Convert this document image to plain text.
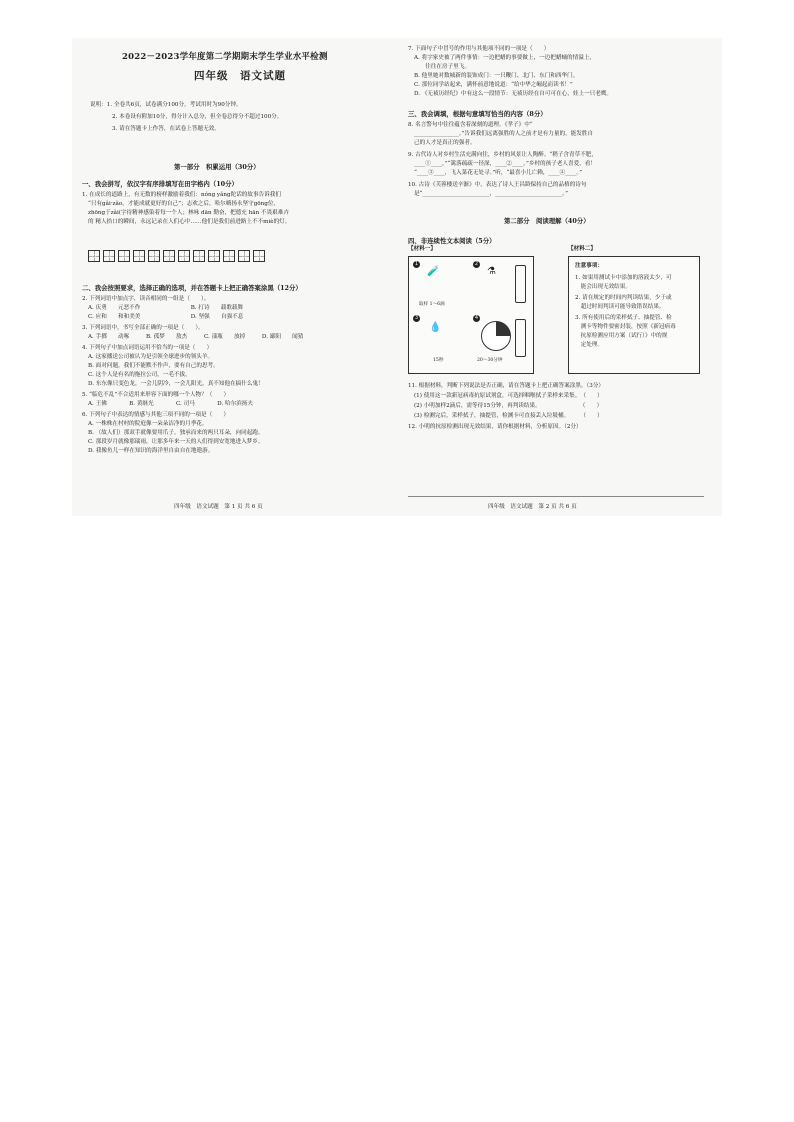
2022－2023学年度第二学期期末学生学业水平检测
四年级　语文试题
说明：1. 全卷共6页，试卷满分100分，考试用时为90分钟。
2. 本卷设有附加10分，得分计入总分，但全卷总得分不超过100分。
3. 请在答题卡上作答，在试卷上答题无效。
第一部分　积累运用（30分）
一、我会拼写，依汉字有序排填写在田字格内（10分）
1. 在成长的道路上，有无数的榜样激励着我们：nóng yǎng陀话的故事告诉我们
“只有gǎi·zǎo，才能成就更好的自己”；志欢之后，哈尔嗨扬永坚守gōng位，
zhōng于zǎi(字待精神感染着每一个人；林咏 dān 勤奋，把德充 hān 不畏艰难卉
的 精人拾口的瞬间，永远记录在人们心中……他们是我们前进路上不不miè的灯。
二、我会按照要求，选择正确的选项，并在答题卡上把正确答案涂黑（12分）
2. 下列词语中加点字，读音相同的一组是（　　）。
A. 庆勇　　元恶不作　　　　　　　　　B. 打诗　　载歌载舞
C. 应和　　和和美美　　　　　　　　　D. 坚强　　自强不息
3. 下列词语中，书写全部正确的一项是（　　）。
A. 手掷　　动啄　　　B. 孤梦　　敖杰　　　C. 漾瓶　　放掉　　　D. 鄙阳　　闻猜
4. 下列句子中加点词语运用不恰当的一项是（　　）
A. 这家播送公司被认为是引领全球进步的领头羊。
B. 面对问题，我们不能默不作声，要有自己的思考。
C. 这个人是有名的拖拉公司，一毛不拔。
D. 东东像只变色龙，一会儿阴冷，一会儿阳光，真不知他在搞什么鬼！
5. “临危不乱”不合适用来形容下面的哪一个人物？（　　）
A. 王佛　　　　B. 黄继光　　　　C. 司马　　　　D. 哈尔滨扬夫
6. 下列句子中表达的情感与其他三项不同的一项是（　　）
A. 一株株在村村的院庭像一朵朵洁净的月季花。
B. （故人们）那双手就像要用爪子，独承而来的两只耳朵，向同起跑。
C. 那段岁月就像那瑞雨，让那多年来一天的人们得到安宽地进入梦乡。
D. 我像鱼儿一样在知识的海洋里自由自在地遨游。
四年级　语文试题　第 1 页 共 6 页
7. 下面句子中冒号的作用与其他项不同的一项是（　　）
A. 将字家史被了两件事情：一边把蜡的事要做上，一边把蜡蛹的情溢上，
　　往往在房子里飞。
B. 他里她对数城新的装饰成门：一只鞭门、北门、东门和西华门。
C. 那位同学站起来，满怀前意地说道：“给中华之崛起而读书！”
D. 《无祯历经纪》中有这么一段情节：无祯历经在自可可在心，娃上一只老鹰。
三、我会调填，根据句意填写恰当的内容（8分）
8. 名言警句中往往蕴含着深刻的道理。《孝子》中“
________________。”告诉我们远离强胜的人之前才是有力量的，能发胜自
己的人才是真正的强者。
9. 古代诗人对乡村生活充满向往，乡村的风景让人陶醉。“稍子含青草不肥，
____①____，”“篱落疏疏一径深，____②____。”乡村的孩子老人喜爱，看！
“____③____，飞入菜花无处寻。”听，“最喜小儿亡赖，____④____。”
10. 古诗《芙蓉楼送辛渐》中，表达了诗人王昌龄保持自己的品格的诗句
是“________________________，________________________。”
第二部分　阅读理解（40分）
四、非连续性文本阅读（5分）
【材料一】	【材料二】
1
🧪
取样 1～6滴
2
⚗
3
💧
15秒
4
20～30分钟
注意事项：
1. 如果用测试卡中添加的溶液太少，可
　能会出现无效结果。
2. 请在规定的时间内判读结果，少于或
　超过时间判读可能导致错误结果。
3. 所有使用后的采样拭子、抽提管、检
　测卡等物件要密封装，按照《新冠病毒
　抗原检测应用方案（试行）》中的规
　定处理。
11. 根据材料，判断下列说法是否正确，请在答题卡上把正确答案涂黑。（3分）
(1) 使用这一款新冠病毒抗原试剂盒，可选择咽喉拭子采样来采集。　（　　）
(2) 小明加样2滴后，需等待15分钟，再判读结果。　　　　　　　　（　　）
(3) 检测完后，采样拭子，抽提管，检测卡可直接丢入垃圾桶。　　　（　　）
12. 小明的抗原检测出现无效结果，请你根据材料，分析原因。（2分）
四年级　语文试题　第 2 页 共 6 页
